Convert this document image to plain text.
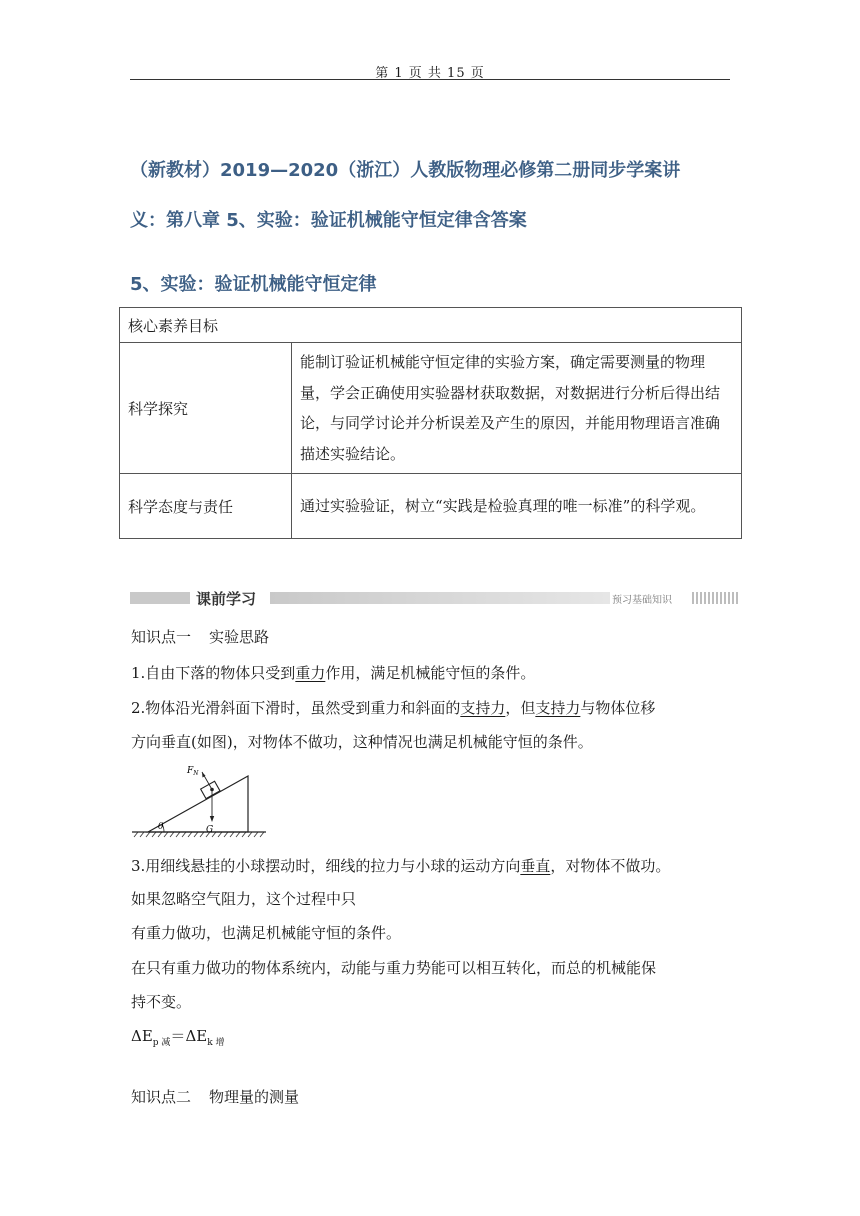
第 1 页 共 15 页
（新教材）2019—2020（浙江）人教版物理必修第二册同步学案讲
义：第八章 5、实验：验证机械能守恒定律含答案
5、实验：验证机械能守恒定律
核心素养目标	
科学探究	能制订验证机械能守恒定律的实验方案，确定需要测量的物理量，学会正确使用实验器材获取数据，对数据进行分析后得出结论，与同学讨论并分析误差及产生的原因，并能用物理语言准确描述实验结论。
科学态度与责任	通过实验验证，树立“实践是检验真理的唯一标准”的科学观。
课前学习	预习基础知识
知识点一 实验思路
1.自由下落的物体只受到重力作用，满足机械能守恒的条件。
2.物体沿光滑斜面下滑时，虽然受到重力和斜面的支持力，但支持力与物体位移
方向垂直(如图)，对物体不做功，这种情况也满足机械能守恒的条件。
θ
$F_N$
G
3.用细线悬挂的小球摆动时，细线的拉力与小球的运动方向垂直，对物体不做功。
如果忽略空气阻力，这个过程中只
有重力做功，也满足机械能守恒的条件。
在只有重力做功的物体系统内，动能与重力势能可以相互转化，而总的机械能保
持不变。
$\Delta E_{p 减}=\Delta E_{k 增}$
知识点二 物理量的测量
